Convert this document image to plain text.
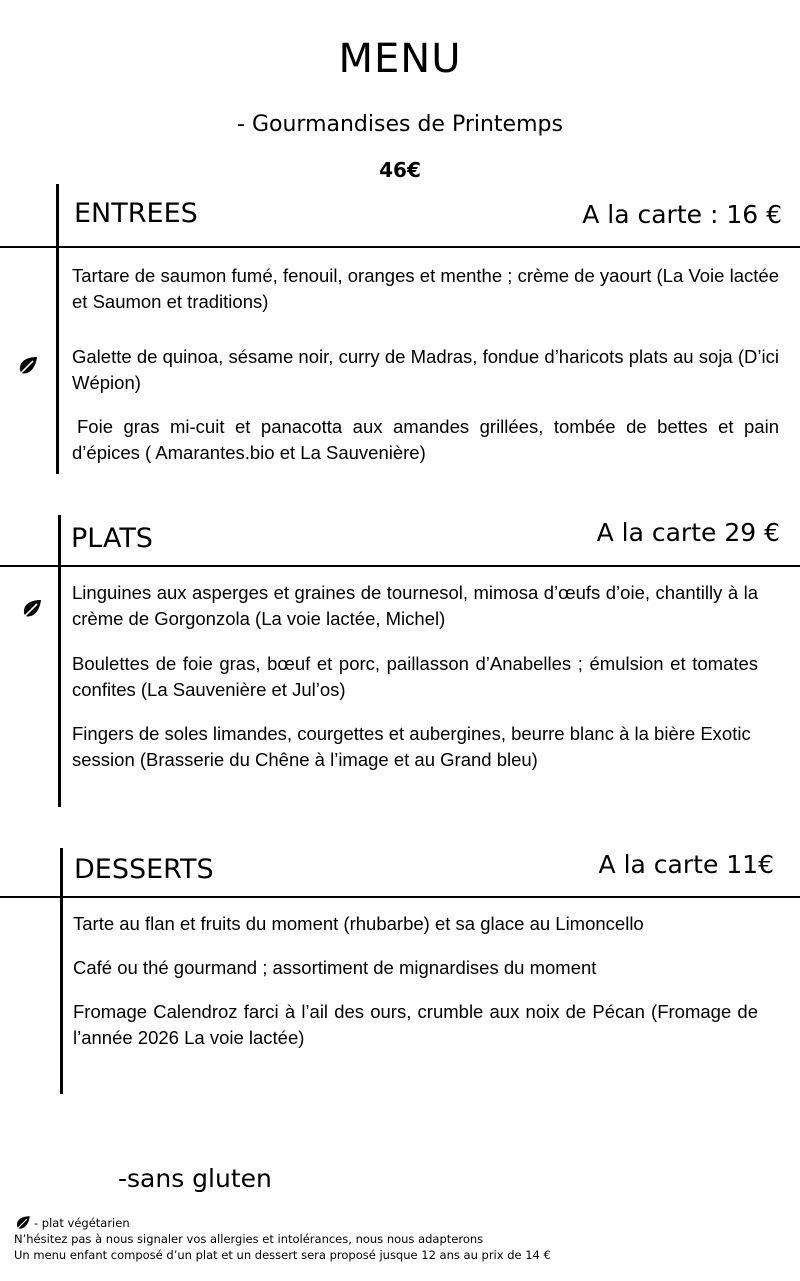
MENU
- Gourmandises de Printemps
46€
ENTREES	A la carte : 16 €
Tartare de saumon fumé, fenouil, oranges et menthe ; crème de yaourt (La Voie lactée et Saumon et traditions)
Galette de quinoa, sésame noir, curry de Madras, fondue d’haricots plats au soja (D’ici Wépion)
Foie gras mi-cuit et panacotta aux amandes grillées, tombée de bettes et pain d’épices ( Amarantes.bio et La Sauvenière)
PLATS	A la carte 29 €
Linguines aux asperges et graines de tournesol, mimosa d’œufs d’oie, chantilly à la crème de Gorgonzola (La voie lactée, Michel)
Boulettes de foie gras, bœuf et porc, paillasson d’Anabelles ; émulsion et tomates confites (La Sauvenière et Jul’os)
Fingers de soles limandes, courgettes et aubergines, beurre blanc à la bière Exotic session (Brasserie du Chêne à l’image et au Grand bleu)
DESSERTS	A la carte 11€
Tarte au flan et fruits du moment (rhubarbe) et sa glace au Limoncello
Café ou thé gourmand ; assortiment de mignardises du moment
Fromage Calendroz farci à l’ail des ours, crumble aux noix de Pécan (Fromage de l’année 2026 La voie lactée)
-sans gluten
- plat végétarien
N’hésitez pas à nous signaler vos allergies et intolérances, nous nous adapterons
Un menu enfant composé d’un plat et un dessert sera proposé jusque 12 ans au prix de 14 €
